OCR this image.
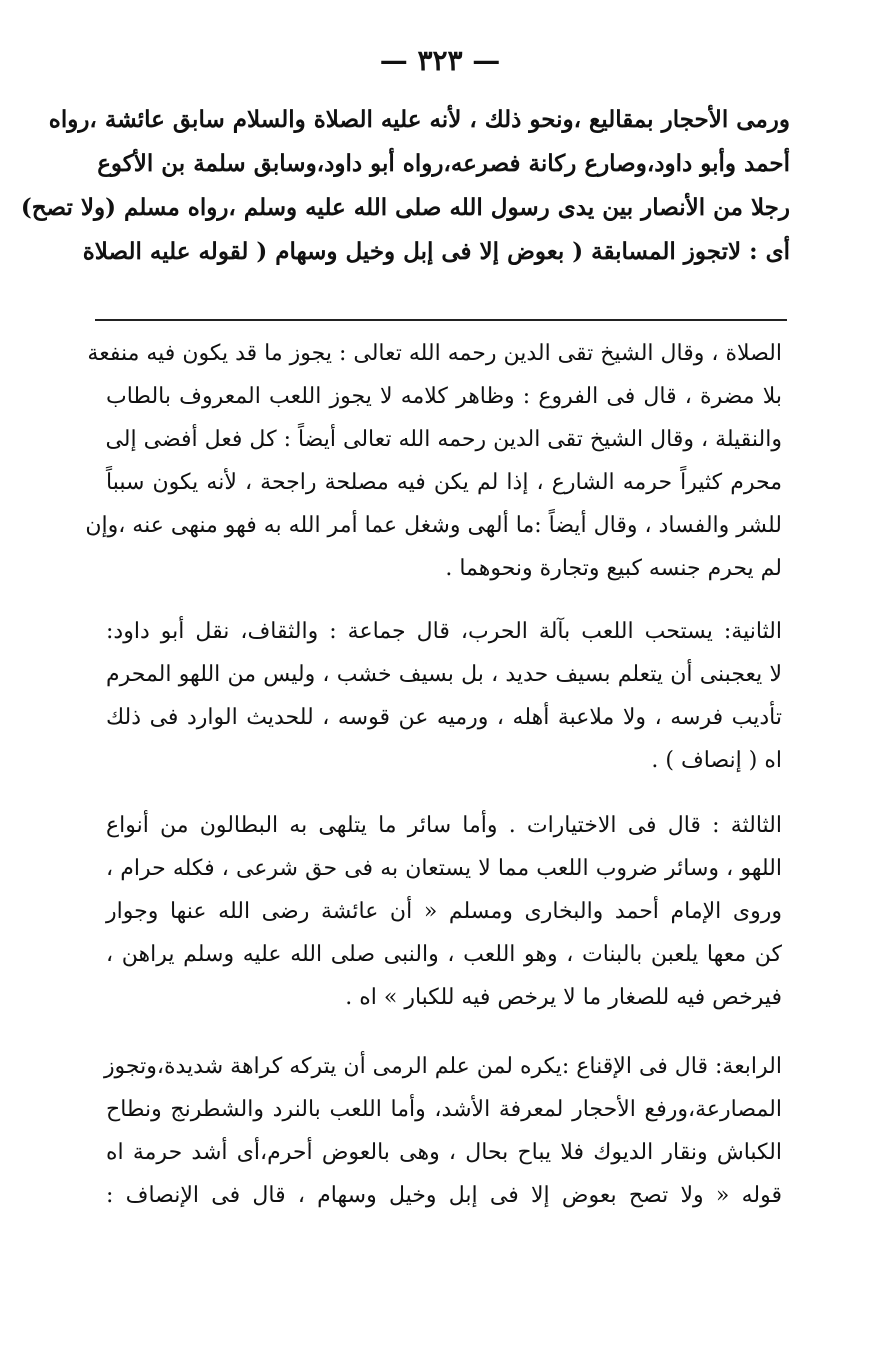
— ٣٢٣ —
ورمى الأحجار بمقاليع ،ونحو ذلك ، لأنه عليه الصلاة والسلام سابق عائشة ،رواه
أحمد وأبو داود،وصارع ركانة فصرعه،رواه أبو داود،وسابق سلمة بن الأكوع
رجلا من الأنصار بين يدى رسول الله صلى الله عليه وسلم ،رواه مسلم (ولا تصح)
أى : لاتجوز المسابقة ( بعوض إلا فى إبل وخيل وسهام ( لقوله عليه الصلاة
الصلاة ، وقال الشيخ تقى الدين رحمه الله تعالى : يجوز ما قد يكون فيه منفعة
بلا مضرة ، قال فى الفروع : وظاهر كلامه لا يجوز اللعب المعروف بالطاب
والنقيلة ، وقال الشيخ تقى الدين رحمه الله تعالى أيضاً : كل فعل أفضى إلى
محرم كثيراً حرمه الشارع ، إذا لم يكن فيه مصلحة راجحة ، لأنه يكون سبباً
للشر والفساد ، وقال أيضاً :ما ألهى وشغل عما أمر الله به فهو منهى عنه ،وإن
لم يحرم جنسه كبيع وتجارة ونحوهما .
الثانية: يستحب اللعب بآلة الحرب، قال جماعة : والثقاف، نقل أبو داود:
لا يعجبنى أن يتعلم بسيف حديد ، بل بسيف خشب ، وليس من اللهو المحرم
تأديب فرسه ، ولا ملاعبة أهله ، ورميه عن قوسه ، للحديث الوارد فى ذلك
اه ( إنصاف ) .
الثالثة : قال فى الاختيارات . وأما سائر ما يتلهى به البطالون من أنواع
اللهو ، وسائر ضروب اللعب مما لا يستعان به فى حق شرعى ، فكله حرام ،
وروى الإمام أحمد والبخارى ومسلم « أن عائشة رضى الله عنها وجوار
كن معها يلعبن بالبنات ، وهو اللعب ، والنبى صلى الله عليه وسلم يراهن ،
فيرخص فيه للصغار ما لا يرخص فيه للكبار » اه .
الرابعة: قال فى الإقناع :يكره لمن علم الرمى أن يتركه كراهة شديدة،وتجوز
المصارعة،ورفع الأحجار لمعرفة الأشد، وأما اللعب بالنرد والشطرنج ونطاح
الكباش ونقار الديوك فلا يباح بحال ، وهى بالعوض أحرم،أى أشد حرمة اه
قوله « ولا تصح بعوض إلا فى إبل وخيل وسهام ، قال فى الإنصاف :
